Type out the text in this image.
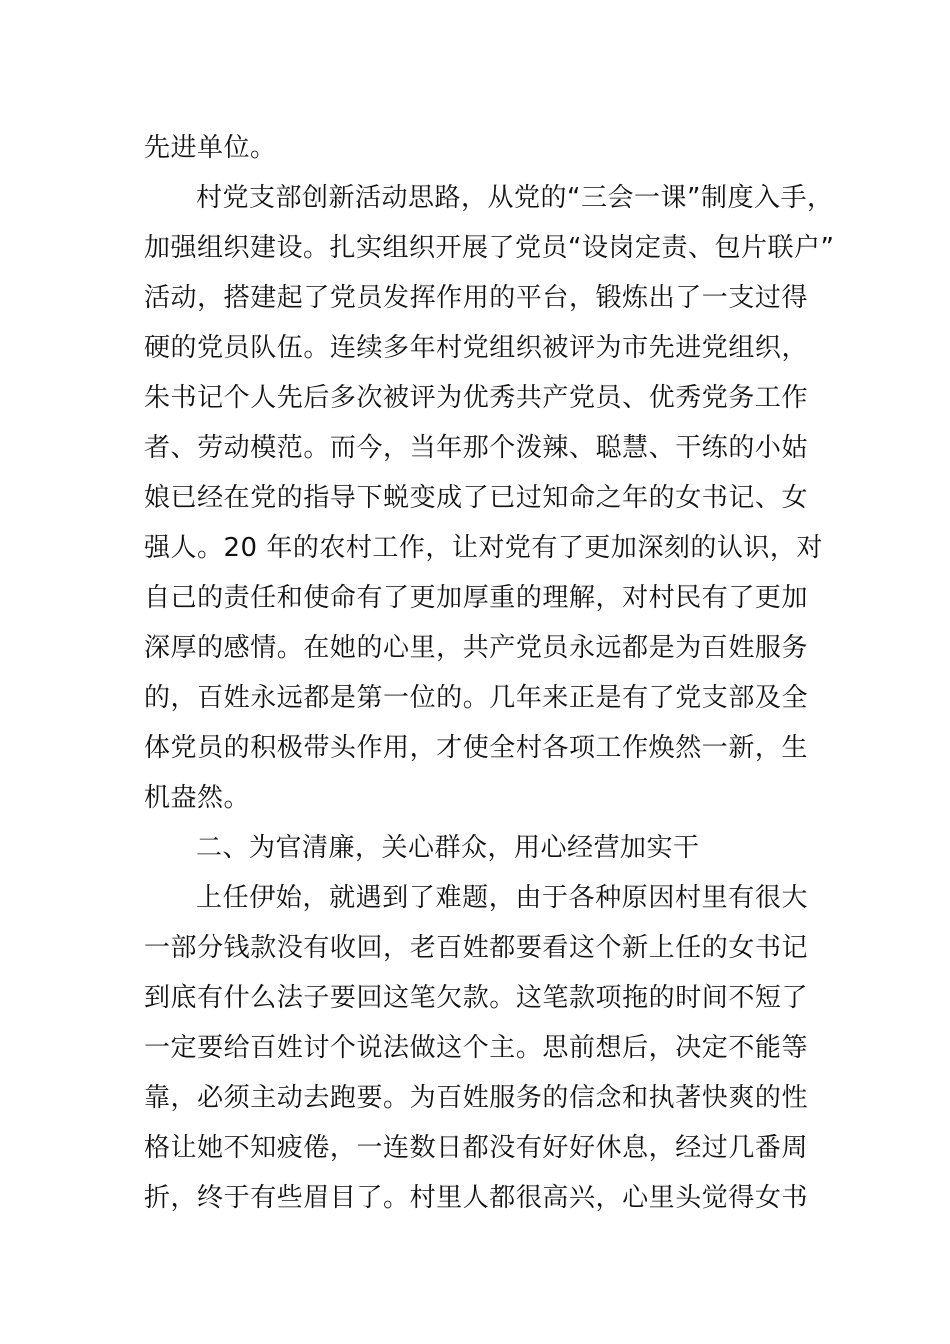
先进单位。
村党支部创新活动思路，从党的“三会一课”制度入手，
加强组织建设。扎实组织开展了党员“设岗定责、包片联户”
活动，搭建起了党员发挥作用的平台，锻炼出了一支过得
硬的党员队伍。连续多年村党组织被评为市先进党组织，
朱书记个人先后多次被评为优秀共产党员、优秀党务工作
者、劳动模范。而今，当年那个泼辣、聪慧、干练的小姑
娘已经在党的指导下蜕变成了已过知命之年的女书记、女
强人。20 年的农村工作，让对党有了更加深刻的认识，对
自己的责任和使命有了更加厚重的理解，对村民有了更加
深厚的感情。在她的心里，共产党员永远都是为百姓服务
的，百姓永远都是第一位的。几年来正是有了党支部及全
体党员的积极带头作用，才使全村各项工作焕然一新，生
机盎然。
二、为官清廉，关心群众，用心经营加实干
上任伊始，就遇到了难题，由于各种原因村里有很大
一部分钱款没有收回，老百姓都要看这个新上任的女书记
到底有什么法子要回这笔欠款。这笔款项拖的时间不短了
一定要给百姓讨个说法做这个主。思前想后，决定不能等
靠，必须主动去跑要。为百姓服务的信念和执著快爽的性
格让她不知疲倦，一连数日都没有好好休息，经过几番周
折，终于有些眉目了。村里人都很高兴，心里头觉得女书
